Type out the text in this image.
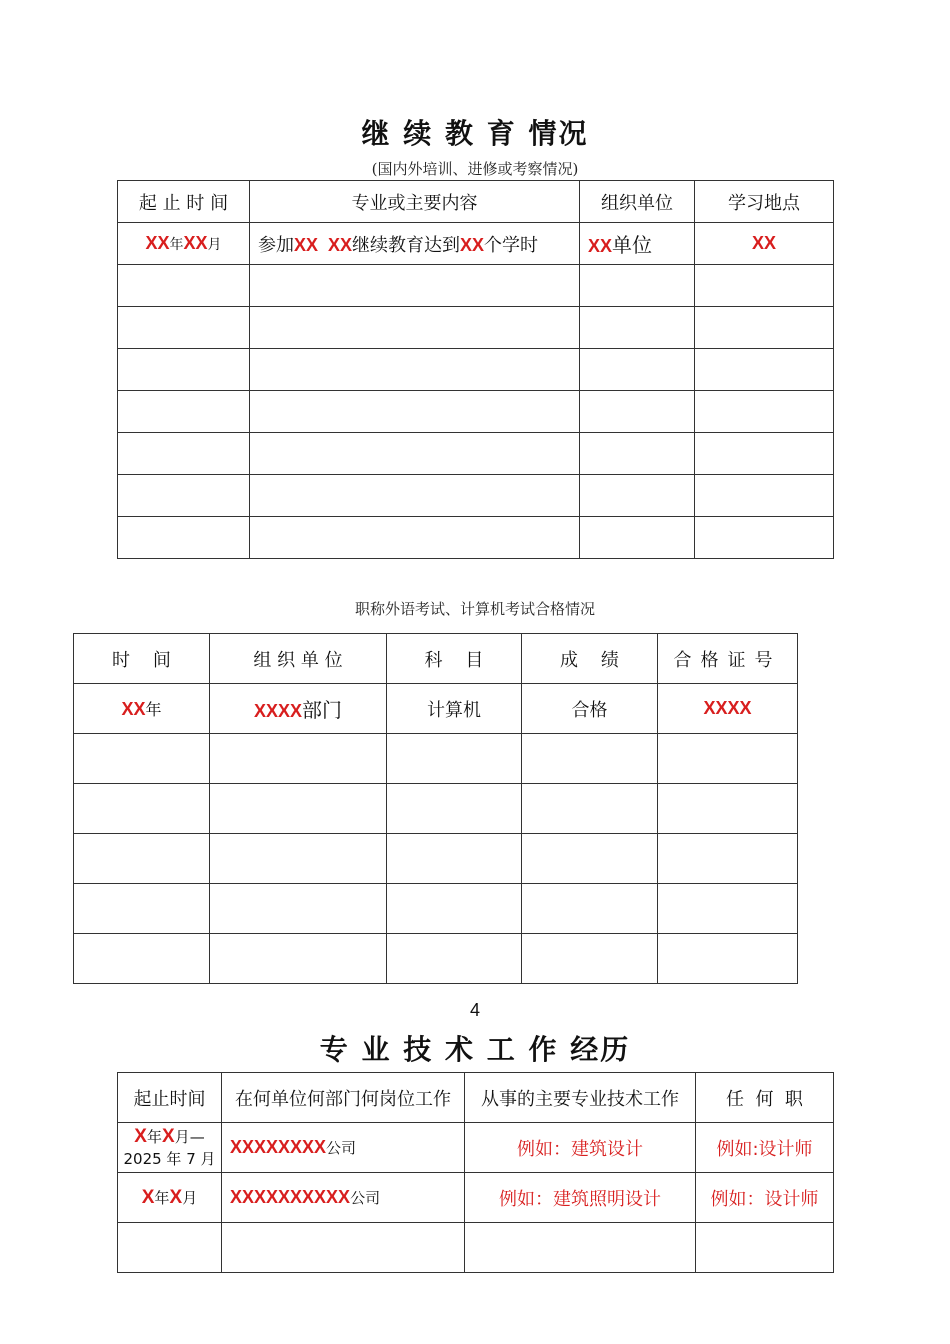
继 续 教 育 情况
(国内外培训、进修或考察情况)
起 止 时 间	专业或主要内容	组织单位	学习地点
XX年XX月	参加XX  XX继续教育达到XX个学时	XX单位	XX

职称外语考试、计算机考试合格情况
时    间	组 织 单 位	科    目	成    绩	合格证号
XX年	XXXX部门	计算机	合格	XXXX

4
专 业 技 术 工 作 经历
起止时间	在何单位何部门何岗位工作	从事的主要专业技术工作	任  何  职

X年X月—
2025 年 7 月	XXXXXXXX公司	例如：建筑设计	例如:设计师
X年X月	XXXXXXXXXX公司	例如：建筑照明设计	例如：设计师
